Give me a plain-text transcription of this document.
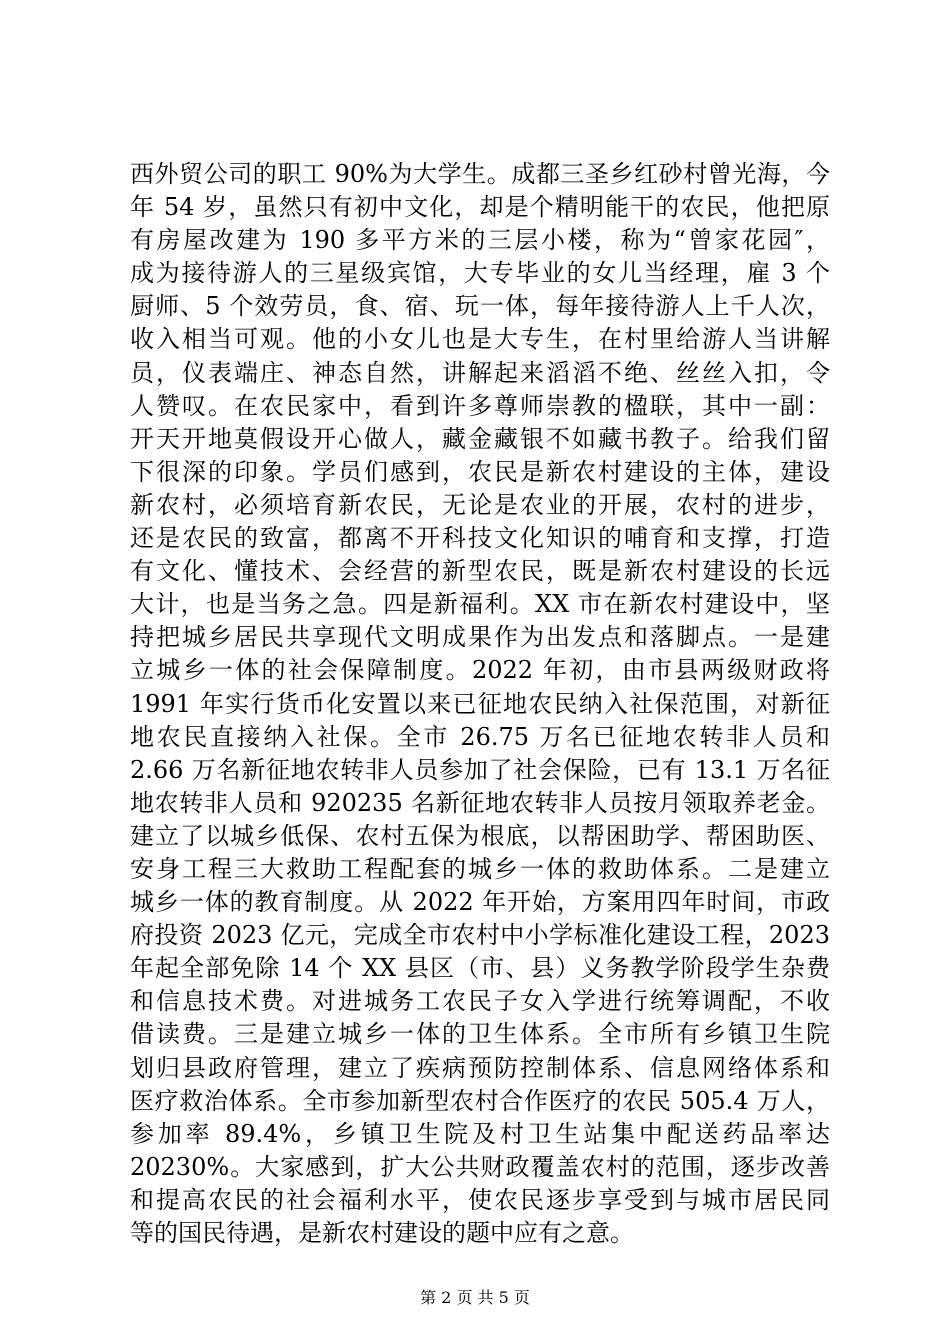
西外贸公司的职工 90%为大学生。成都三圣乡红砂村曾光海，今
年 54 岁，虽然只有初中文化，却是个精明能干的农民，他把原
有房屋改建为 190 多平方米的三层小楼，称为“曾家花园″，
成为接待游人的三星级宾馆，大专毕业的女儿当经理，雇 3 个
厨师、5 个效劳员，食、宿、玩一体，每年接待游人上千人次，
收入相当可观。他的小女儿也是大专生，在村里给游人当讲解
员，仪表端庄、神态自然，讲解起来滔滔不绝、丝丝入扣，令
人赞叹。在农民家中，看到许多尊师崇教的楹联，其中一副：
开天开地莫假设开心做人，藏金藏银不如藏书教子。给我们留
下很深的印象。学员们感到，农民是新农村建设的主体，建设
新农村，必须培育新农民，无论是农业的开展，农村的进步，
还是农民的致富，都离不开科技文化知识的哺育和支撑，打造
有文化、懂技术、会经营的新型农民，既是新农村建设的长远
大计，也是当务之急。四是新福利。XX 市在新农村建设中，坚
持把城乡居民共享现代文明成果作为出发点和落脚点。一是建
立城乡一体的社会保障制度。2022 年初，由市县两级财政将
1991 年实行货币化安置以来已征地农民纳入社保范围，对新征
地农民直接纳入社保。全市 26.75 万名已征地农转非人员和
2.66 万名新征地农转非人员参加了社会保险，已有 13.1 万名征
地农转非人员和 920235 名新征地农转非人员按月领取养老金。
建立了以城乡低保、农村五保为根底，以帮困助学、帮困助医、
安身工程三大救助工程配套的城乡一体的救助体系。二是建立
城乡一体的教育制度。从 2022 年开始，方案用四年时间，市政
府投资 2023 亿元，完成全市农村中小学标准化建设工程，2023
年起全部免除 14 个 XX 县区（市、县）义务教学阶段学生杂费
和信息技术费。对进城务工农民子女入学进行统筹调配，不收
借读费。三是建立城乡一体的卫生体系。全市所有乡镇卫生院
划归县政府管理，建立了疾病预防控制体系、信息网络体系和
医疗救治体系。全市参加新型农村合作医疗的农民 505.4 万人，
参加率 89.4%，乡镇卫生院及村卫生站集中配送药品率达
20230%。大家感到，扩大公共财政覆盖农村的范围，逐步改善
和提高农民的社会福利水平，使农民逐步享受到与城市居民同
等的国民待遇，是新农村建设的题中应有之意。
第 2 页 共 5 页
